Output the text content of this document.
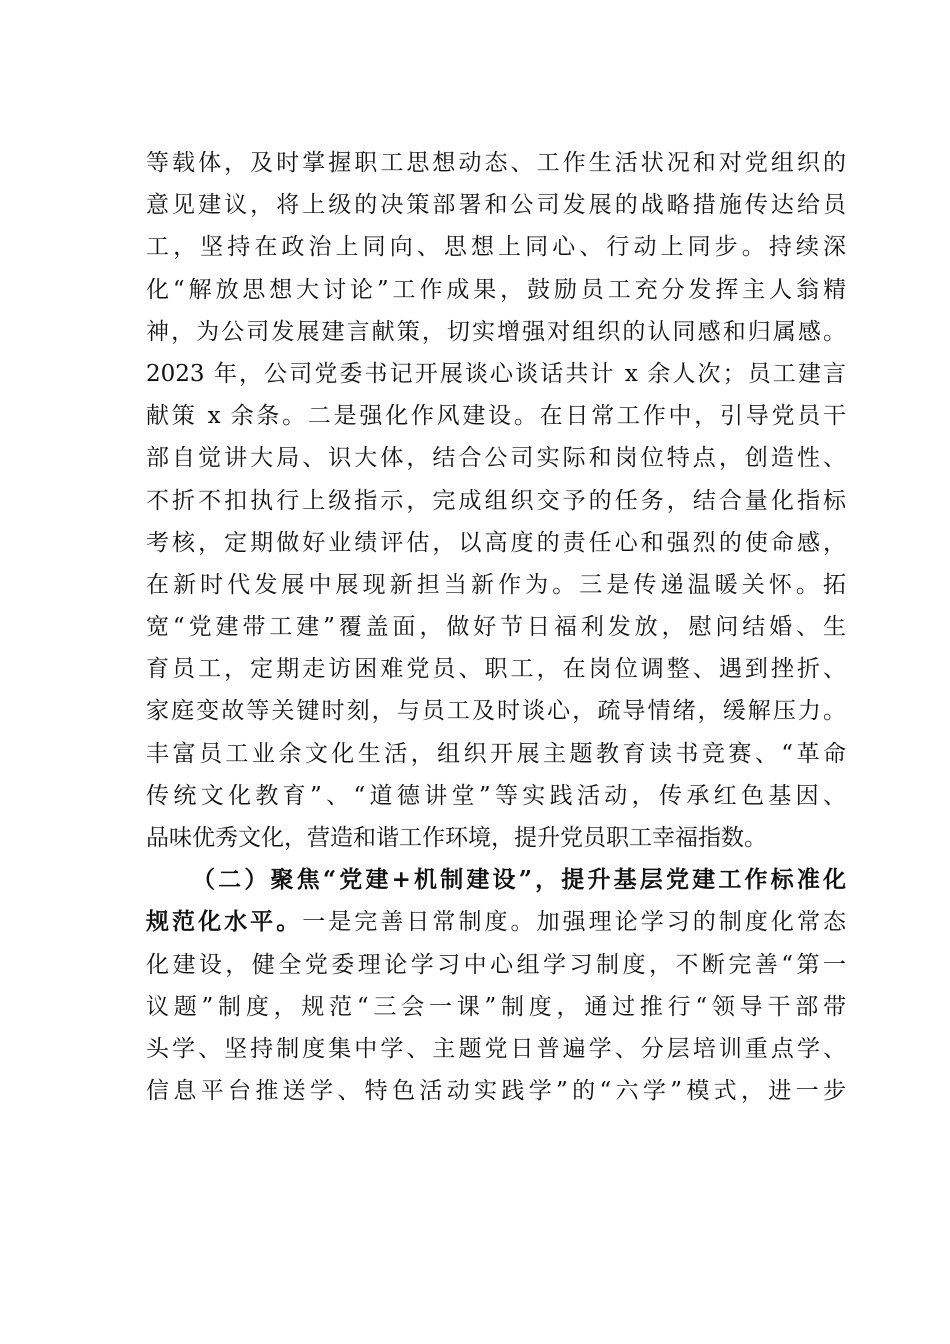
等载体，及时掌握职工思想动态、工作生活状况和对党组织的
意见建议，将上级的决策部署和公司发展的战略措施传达给员
工，坚持在政治上同向、思想上同心、行动上同步。持续深
化“解放思想大讨论”工作成果，鼓励员工充分发挥主人翁精
神，为公司发展建言献策，切实增强对组织的认同感和归属感。
2023 年，公司党委书记开展谈心谈话共计 x 余人次；员工建言
献策 x 余条。二是强化作风建设。在日常工作中，引导党员干
部自觉讲大局、识大体，结合公司实际和岗位特点，创造性、
不折不扣执行上级指示，完成组织交予的任务，结合量化指标
考核，定期做好业绩评估，以高度的责任心和强烈的使命感，
在新时代发展中展现新担当新作为。三是传递温暖关怀。拓
宽“党建带工建”覆盖面，做好节日福利发放，慰问结婚、生
育员工，定期走访困难党员、职工，在岗位调整、遇到挫折、
家庭变故等关键时刻，与员工及时谈心，疏导情绪，缓解压力。
丰富员工业余文化生活，组织开展主题教育读书竞赛、“革命
传统文化教育”、“道德讲堂”等实践活动，传承红色基因、
品味优秀文化，营造和谐工作环境，提升党员职工幸福指数。
（二）聚焦“党建+机制建设”，提升基层党建工作标准化
规范化水平。一是完善日常制度。加强理论学习的制度化常态
化建设，健全党委理论学习中心组学习制度，不断完善“第一
议题”制度，规范“三会一课”制度，通过推行“领导干部带
头学、坚持制度集中学、主题党日普遍学、分层培训重点学、
信息平台推送学、特色活动实践学”的“六学”模式，进一步
